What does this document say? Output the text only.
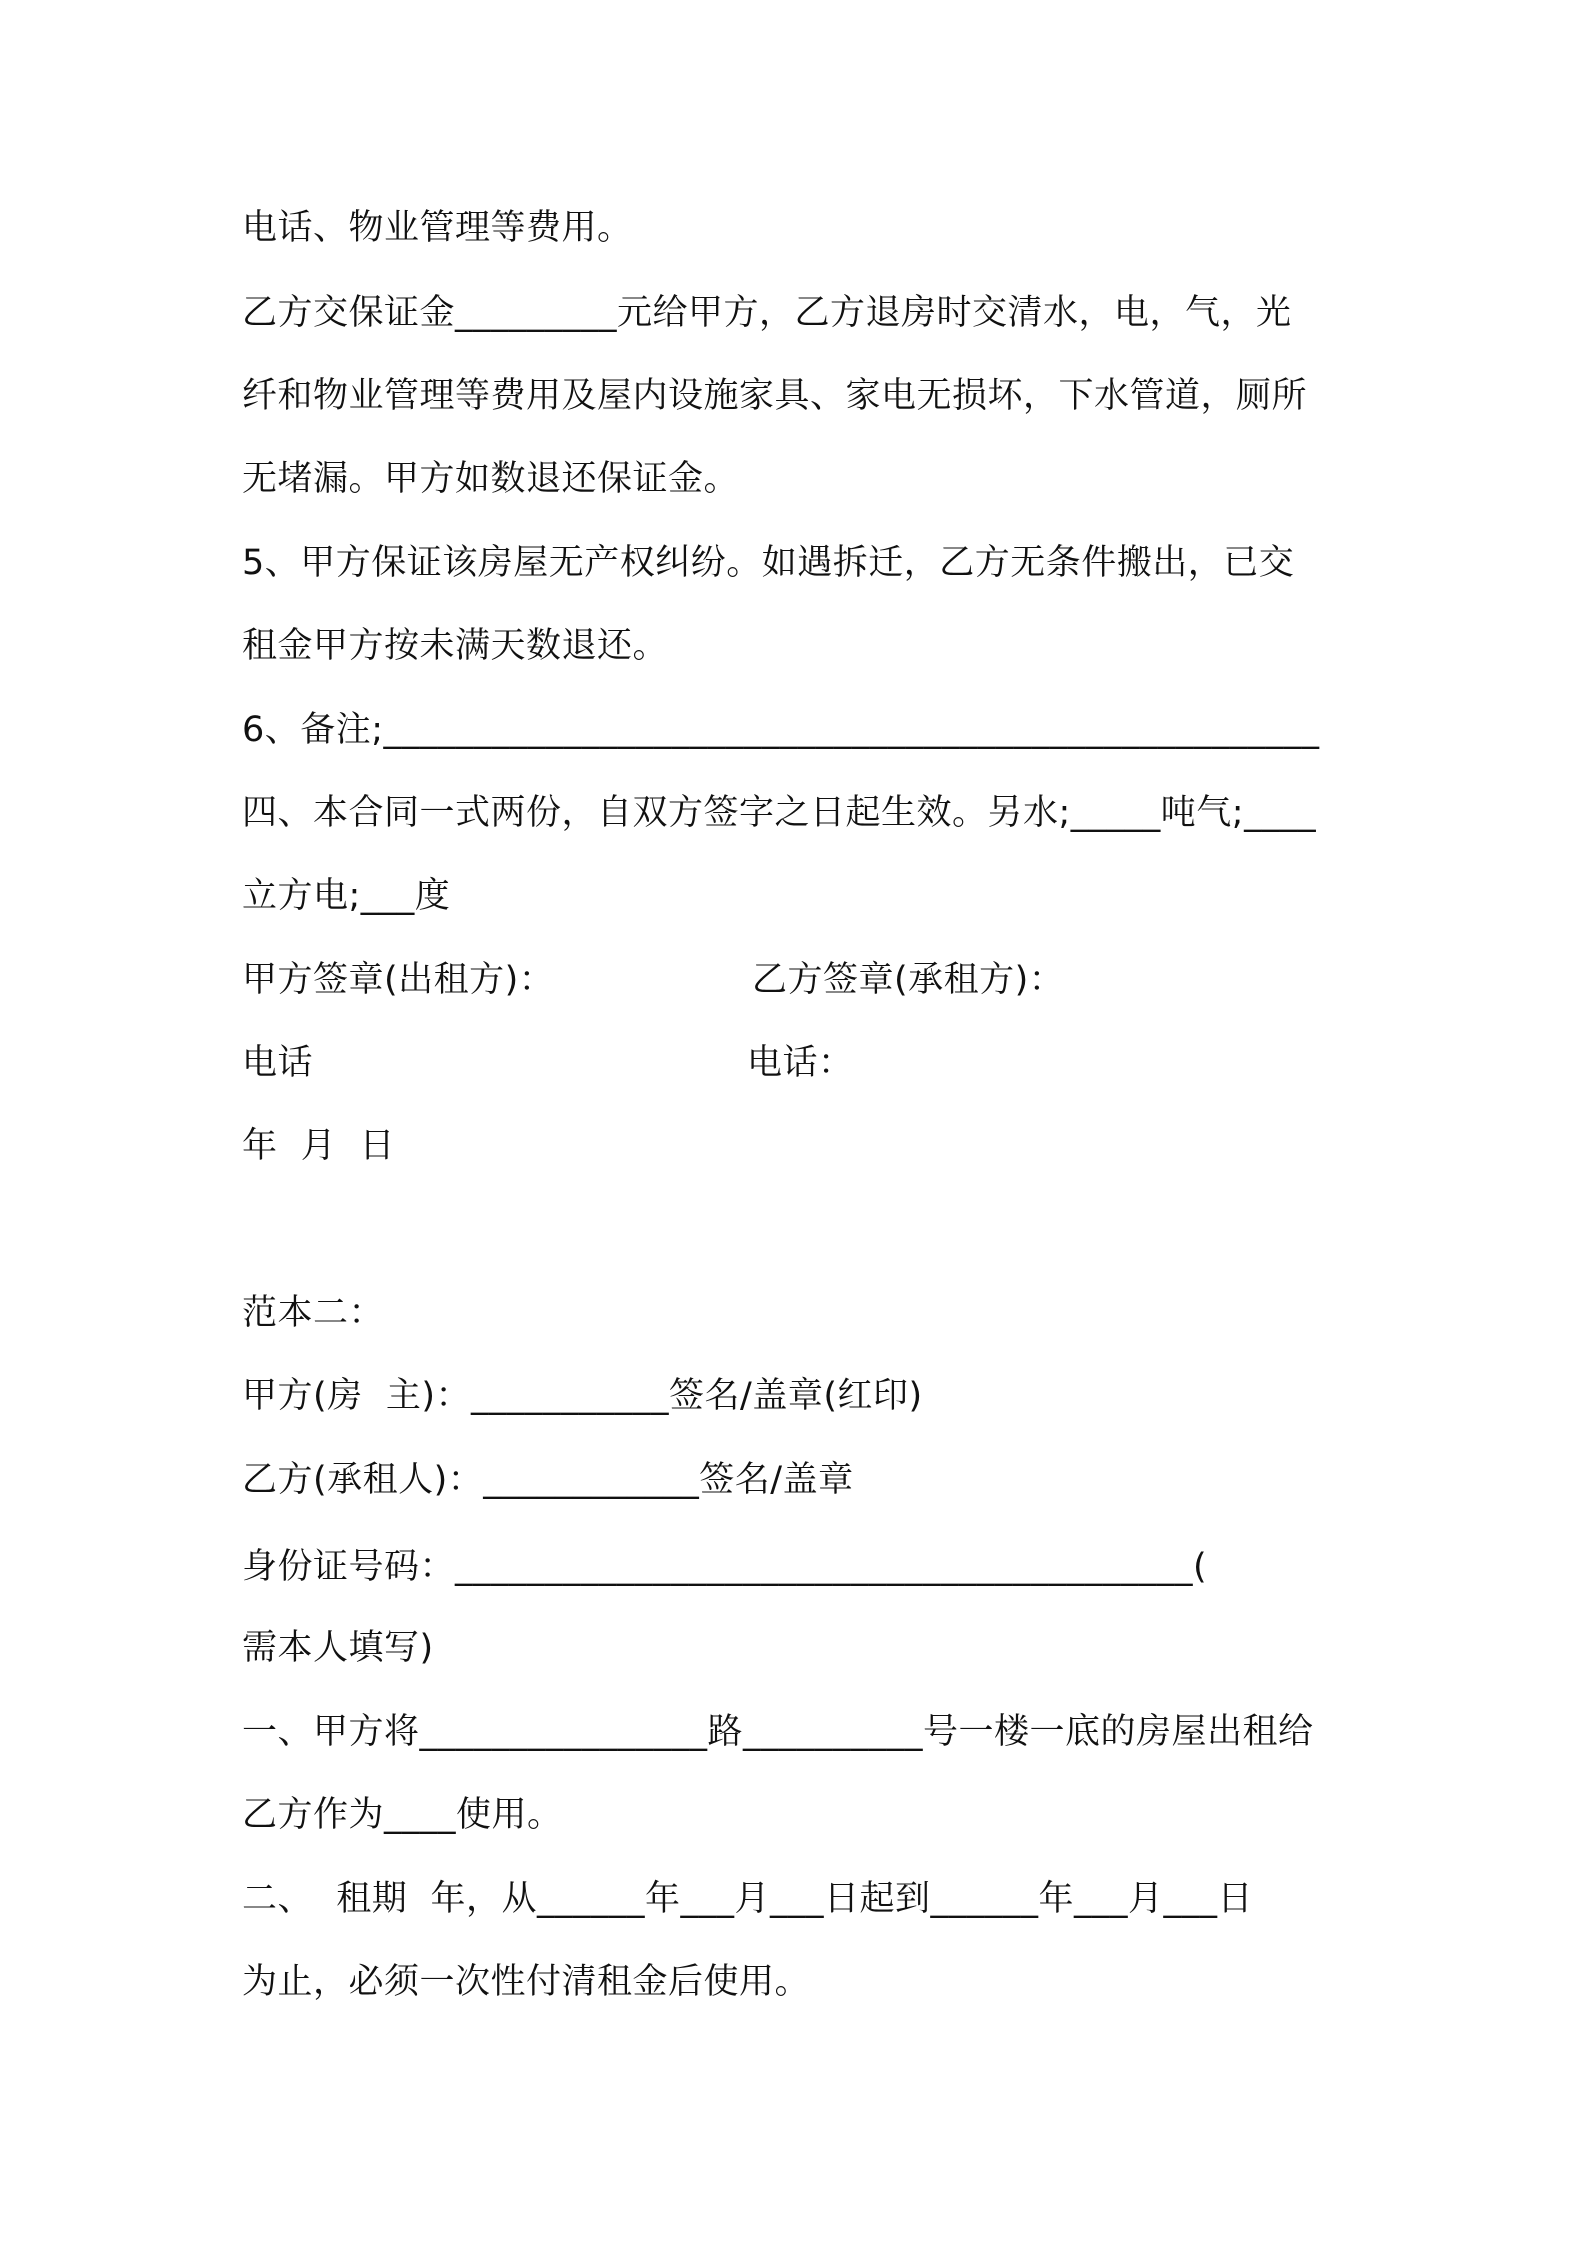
电话、物业管理等费用。
乙方交保证金_________元给甲方，乙方退房时交清水，电，气，光
纤和物业管理等费用及屋内设施家具、家电无损坏，下水管道，厕所
无堵漏。甲方如数退还保证金。
5、甲方保证该房屋无产权纠纷。如遇拆迁，乙方无条件搬出，已交
租金甲方按未满天数退还。
6、备注;____________________________________________________
四、本合同一式两份，自双方签字之日起生效。另水;_____吨气;____
立方电;___度
甲方签章(出租方)：	乙方签章(承租方)：
电话	电话：
年  月  日
范本二：
甲方(房  主)：___________签名/盖章(红印)
乙方(承租人)：____________签名/盖章
身份证号码：_________________________________________(
需本人填写)
一、甲方将________________路__________号一楼一底的房屋出租给
乙方作为____使用。
二、  租期  年，从______年___月___日起到______年___月___日
为止，必须一次性付清租金后使用。
